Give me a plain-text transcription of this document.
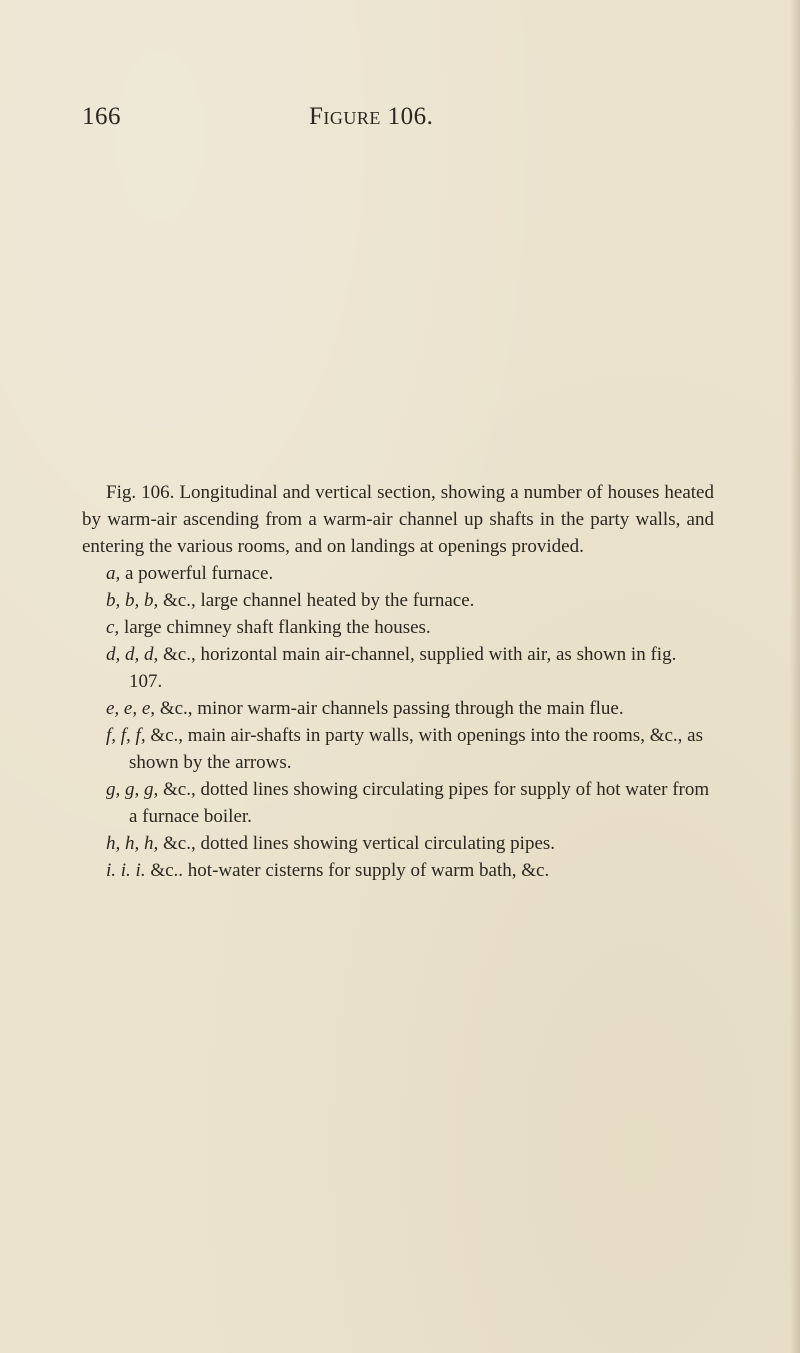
166	Figure 106.

Fig. 106. Longitudinal and vertical section, showing a number of houses heated by warm-air ascending from a warm-air channel up shafts in the party walls, and entering the various rooms, and on landings at openings provided.

a, a powerful furnace.
b, b, b, &c., large channel heated by the furnace.
c, large chimney shaft flanking the houses.
d, d, d, &c., horizontal main air-channel, supplied with air, as shown in fig. 107.
e, e, e, &c., minor warm-air channels passing through the main flue.
f, f, f, &c., main air-shafts in party walls, with openings into the rooms, &c., as shown by the arrows.
g, g, g, &c., dotted lines showing circulating pipes for supply of hot water from a furnace boiler.
h, h, h, &c., dotted lines showing vertical circulating pipes.
i. i. i. &c.. hot-water cisterns for supply of warm bath, &c.
